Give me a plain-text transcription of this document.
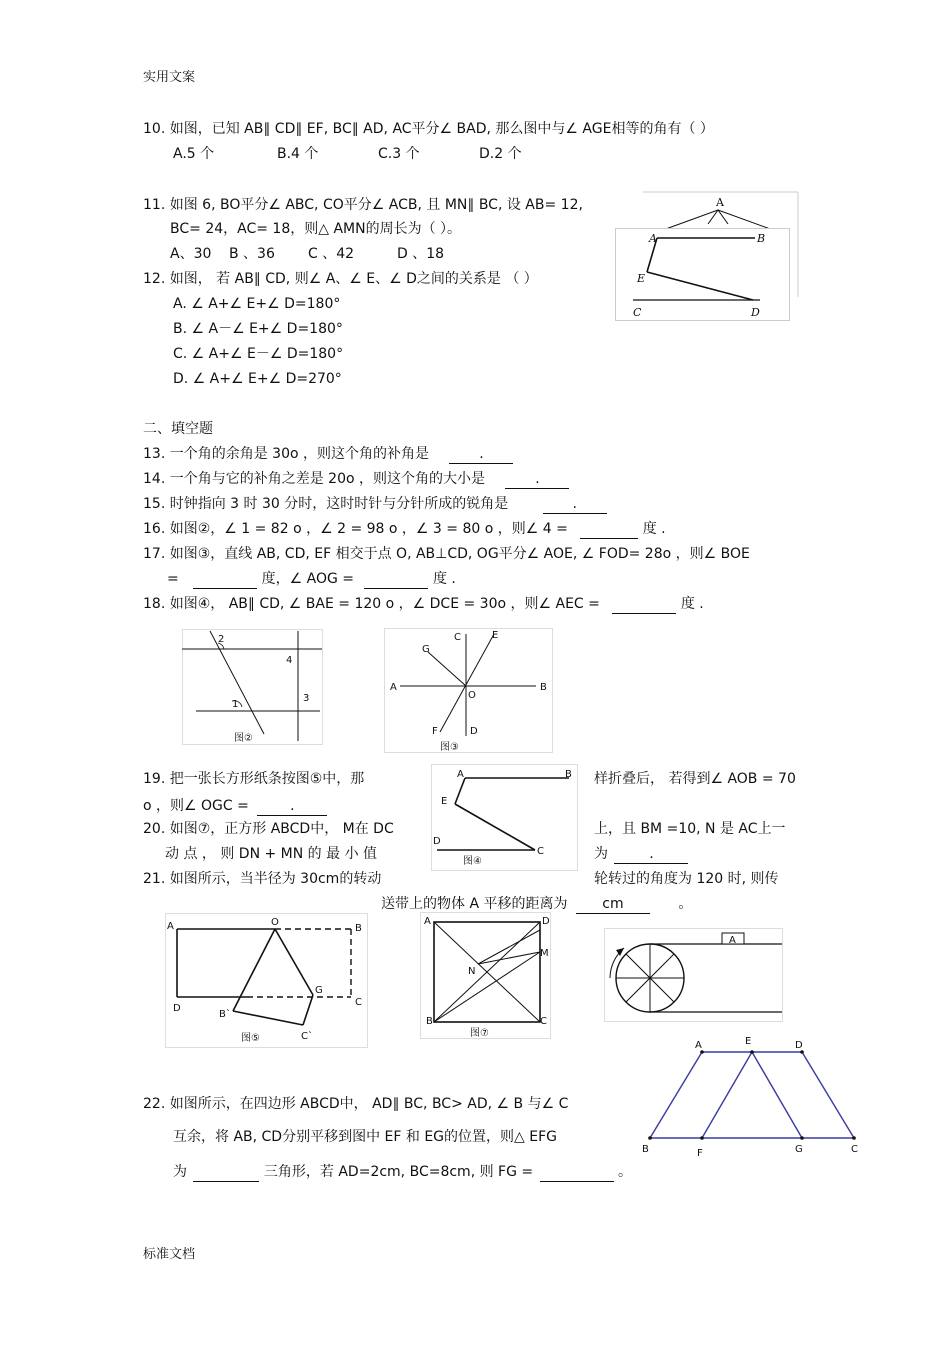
实用文案
标准文档
10. 如图，已知 AB∥ CD∥ EF, BC∥ AD, AC平分∠ BAD, 那么图中与∠ AGE相等的角有（ ）
A.5 个	B.4 个	C.3 个	D.2 个
11. 如图 6, BO平分∠ ABC, CO平分∠ ACB, 且 MN∥ BC, 设 AB= 12,
BC= 24，AC= 18，则△ AMN的周长为（ ）。
A、30 B 、36 C 、42	D 、18
12. 如图， 若 AB∥ CD, 则∠ A、∠ E、∠ D之间的关系是 （ ）
A. ∠ A+∠ E+∠ D=180°
B. ∠ A－∠ E+∠ D=180°
C. ∠ A+∠ E－∠ D=180°
D. ∠ A+∠ E+∠ D=270°
A
A	B
E
C	D
二、填空题
13. 一个角的余角是 30o ，则这个角的补角是	.
14. 一个角与它的补角之差是 20o ，则这个角的大小是	.
15. 时钟指向 3 时 30 分时，这时时针与分针所成的锐角是	.
16. 如图②，∠ 1 = 82 o ，∠ 2 = 98 o ，∠ 3 = 80 o ，则∠ 4 =	度 .
17. 如图③，直线 AB, CD, EF 相交于点 O, AB⊥CD, OG平分∠ AOE, ∠ FOD= 28o ，则∠ BOE
=	度，∠ AOG =	度 .
18. 如图④， AB∥ CD, ∠ BAE = 120 o ，∠ DCE = 30o ，则∠ AEC =	度 .
1
2
3
4
图②
C	E
G
A
O
B
F	D
图③
19. 把一张长方形纸条按图⑤中，那	样折叠后， 若得到∠ AOB = 70
o ，则∠ OGC =	.
20. 如图⑦，正方形 ABCD中， M在 DC	上，且 BM =10, N 是 AC上一
动 点 ， 则 DN + MN 的 最 小 值	为	.
21. 如图所示，当半径为 30cm的转动	轮转过的角度为 120 时, 则传
送带上的物体 A 平移的距离为 cm	。
A	B
E
D
C
图④
A	O
B
D
G
C
B`
C`
图⑤
A	D
M
N
B	C
图⑦
A
22. 如图所示，在四边形 ABCD中， AD∥ BC, BC> AD, ∠ B 与∠ C
互余，将 AB, CD分别平移到图中 EF 和 EG的位置，则△ EFG
为	三角形，若 AD=2cm, BC=8cm, 则 FG =	。
A	E	D
B	F	G	C
